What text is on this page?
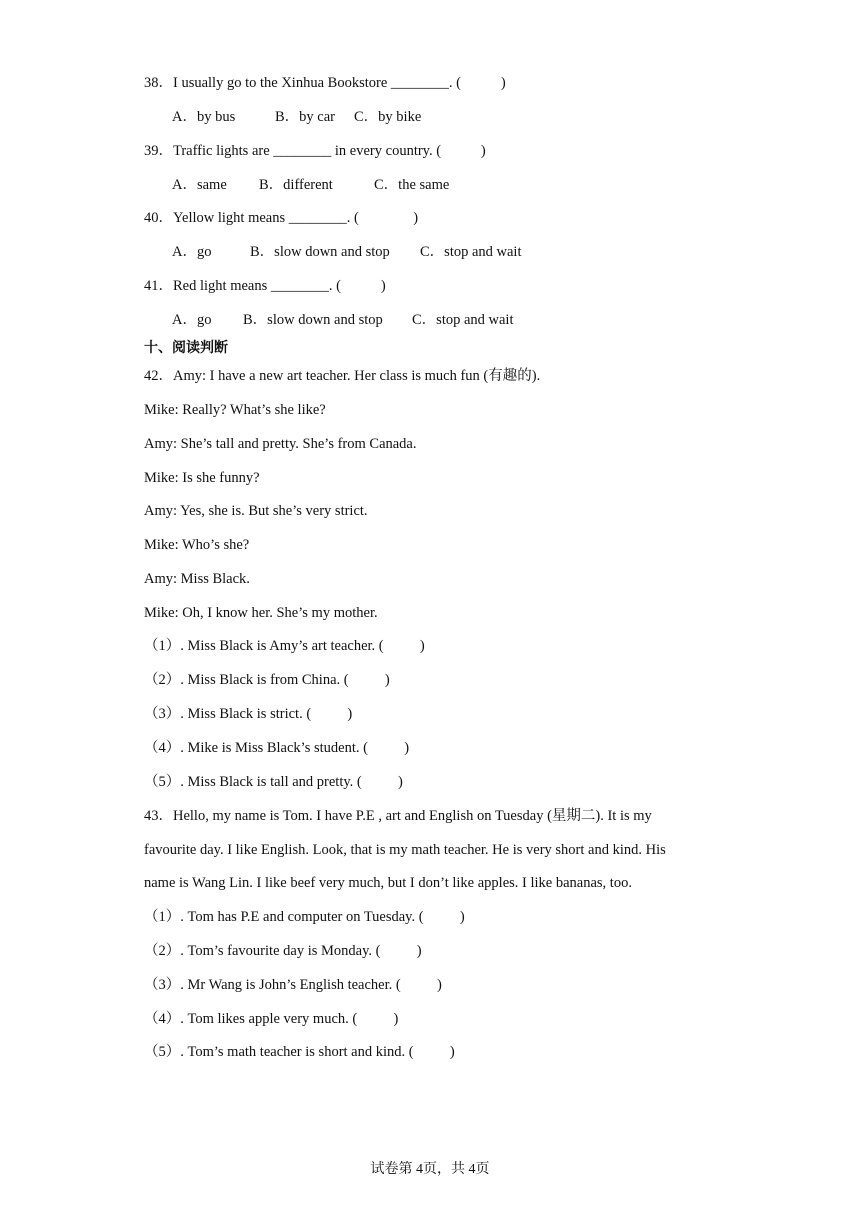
38．I usually go to the Xinhua Bookstore ________. (           )
A．by bus	B．by car C．by bike
39．Traffic lights are ________ in every country. (           )
A．same B．different	C．the same
40．Yellow light means ________. (               )
A．go	B．slow down and stop C．stop and wait
41．Red light means ________. (           )
A．go B．slow down and stop C．stop and wait
十、阅读判断
42．Amy: I have a new art teacher. Her class is much fun (有趣的).
Mike: Really? What’s she like?
Amy: She’s tall and pretty. She’s from Canada.
Mike: Is she funny?
Amy: Yes, she is. But she’s very strict.
Mike: Who’s she?
Amy: Miss Black.
Mike: Oh, I know her. She’s my mother.
（1）. Miss Black is Amy’s art teacher. (          )
（2）. Miss Black is from China. (          )
（3）. Miss Black is strict. (          )
（4）. Mike is Miss Black’s student. (          )
（5）. Miss Black is tall and pretty. (          )
43．Hello, my name is Tom. I have P.E , art and English on Tuesday (星期二). It is my
favourite day. I like English. Look, that is my math teacher. He is very short and kind. His
name is Wang Lin. I like beef very much, but I don’t like apples. I like bananas, too.
（1）. Tom has P.E and computer on Tuesday. (          )
（2）. Tom’s favourite day is Monday. (          )
（3）. Mr Wang is John’s English teacher. (          )
（4）. Tom likes apple very much. (          )
（5）. Tom’s math teacher is short and kind. (          )
试卷第 4页，共 4页
